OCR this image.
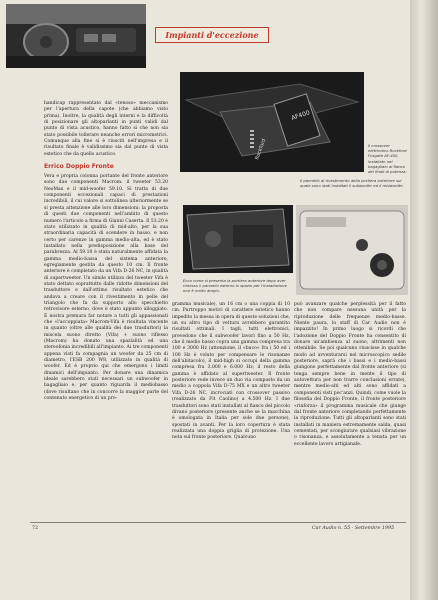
Impianti d'eccezione
AF400
Rockford	Il crossover elettronico Rockford Fosgate AF-400, installato nel bagagliaio al fianco dei finali di potenza.
Il pannello di rivestimento della portiera anteriore sul quale sono stati installati il subwoofer ed il midwoofer.
Ecco come si presenta la portiera anteriore dopo aver rimesso il pannello esterno lo spazio per l'installazione non è molto ampio.

handicap rappresentato dal «tenoso» meccanismo per l'apertura della capote (che abbiamo visto prima). Inoltre, la qualità degli interni e la difficoltà di posizionare gli altoparlanti in punti validi dal punto di vista acustico, hanno fatto sì che non sia stato possibile tollerare neanche errori micrometrici. Comunque alla fine si è riusciti nell'impresa e il risultato finale è validissimo sia dal punto di vista estetico che da quello acustico.

Errico Doppio Fronte

Vera e propria colonna portante del fronte anteriore sono due componenti Macrom: il tweeter 53.20 NeoMax e il mid-woofer 59.10. Si tratta di due componenti eccezionali capaci di prestazioni incredibili, il cui valore si sottolinea ulteriormente se si presta attenzione alle loro dimensioni: la proposta di questi due componenti nell'ambito di questo numero l'articolo a firma di Gianni Caserta. Il 53.20 è stato utilizzato in qualità di mid-alto, per la sua straordinaria capacità di scendere in basso, e non certo per carenze in gamma medio-alta, ed è stato installato nella predisposizione alla base del parabrezza. Al 59.10 è stata naturalmente affidata la gamma medio-bassa del sistema anteriore, egregiamente gestita da questo 10 cm. Il fronte anteriore è completato da un Vifa D-26 NC, in qualità di supertweeter. Un simile utilizzo del tweeter Vifa è stato dettato soprattutto dalle ridotte dimensioni del trasduttore e dall'ottimo risultato estetico che andava a creare con il rivestimento in pelle del triangolo che fa da supporto allo specchietto retrovisore esterno, dove è stato appunto alloggiato. È nostra premura far notare a tutti gli appassionati che «l'accoppiata» Macrom-Vifa è risultata vincente in quanto (oltre alle qualità dei due trasduttori) la miscela suono diretto (Vifa) + suono riflesso (Macrom) ha donato una spazialità ed una stereofonia incredibili all'impianto. Ai tre componenti appena visti fa compagnia un woofer da 25 cm di diametro, l'ESB 200 W8, utilizzato in qualità di woofer. Ed è proprio qui che emergono i limiti dinamici dell'impianto. Per donare una dinamica ideale sarebbero stati necessari un subwoofer in bagagliaio e, per quanto riguarda il mediobasso (dove risultano che in concorre la maggior parte del contenuto energetico di un pro-

gramma musicale), un 16 cm o una coppia di 10 cm. Purtroppo motivi di carattere estetico hanno impedito la messa in opera di queste soluzioni che, un su altro tipo di vettura avrebbero garantito risultati ottimali. I tagli, tutti elettronici, prevedono che il subwoofer lavori fino a 50 Hz, che il medio basso copra una gamma compresa tra 100 e 3000 Hz (attenzione, il «buco» fra i 50 ed i 100 Hz è voluto per compensare le risonanze dell'abitacolo), il mid-high si occupi della gamma compresa fra 3.000 e 6.000 Hz; il resto della gamma è affidato al supertweeter. Il fronte posteriore vede invece un duo via composto da un medio a coppola Vifa D-75 MX e un altro tweeter Vifa D-26 NC, incrociati con crossover passivo (realizzato da Fit Caolino) a 4.500 Hz. I due trasduttori sono stati installati al fianco del piccolo divano posteriore (presente anche se la macchina è omologata in Italia per sole due persone), spostati in avanti. Per la loro copertura è stata realizzata una doppia griglia di protezione. Una nota sul fronte posteriore. Qualcuno

può avanzare qualche perplessità per il fatto che non compare nessuna unità per la riproduzione delle frequenze medio-basse. Niente paura, lo staff di Car Audio non è impazzito! In primo luogo si ricordi che l'adozione del Doppio Fronte ha consentito di donare un'ambienza al suono, altrimenti non ottenibile. Se poi qualcuno riuscisse in qualche modo ad avventurarsi nel microscopico sedile posteriore, saprà che i bassi e i medio-bassi giungono perfettamente dal fronte anteriore (si tenga sempre bene in mente il tipo di autovettura per non trarre conclusioni errate), mentre medio-alti ed alti sono affidati a componenti visti poc'anzi. Quindi, come vuole la filosofia del Doppio Fronte, il fronte posteriore «rinforza» il programma musicale che giunge dal fronte anteriore completando perfettamente la riproduzione. Tutti gli altoparlanti sono stati installati in maniera estremamente salda, quasi cementati, per scongiurare qualsiasi vibrazione o risonanza, e assolutamente a tenuta per un eccellente lavoro artigianale.

72	Car Audio n. 55 - Settembre 1995
